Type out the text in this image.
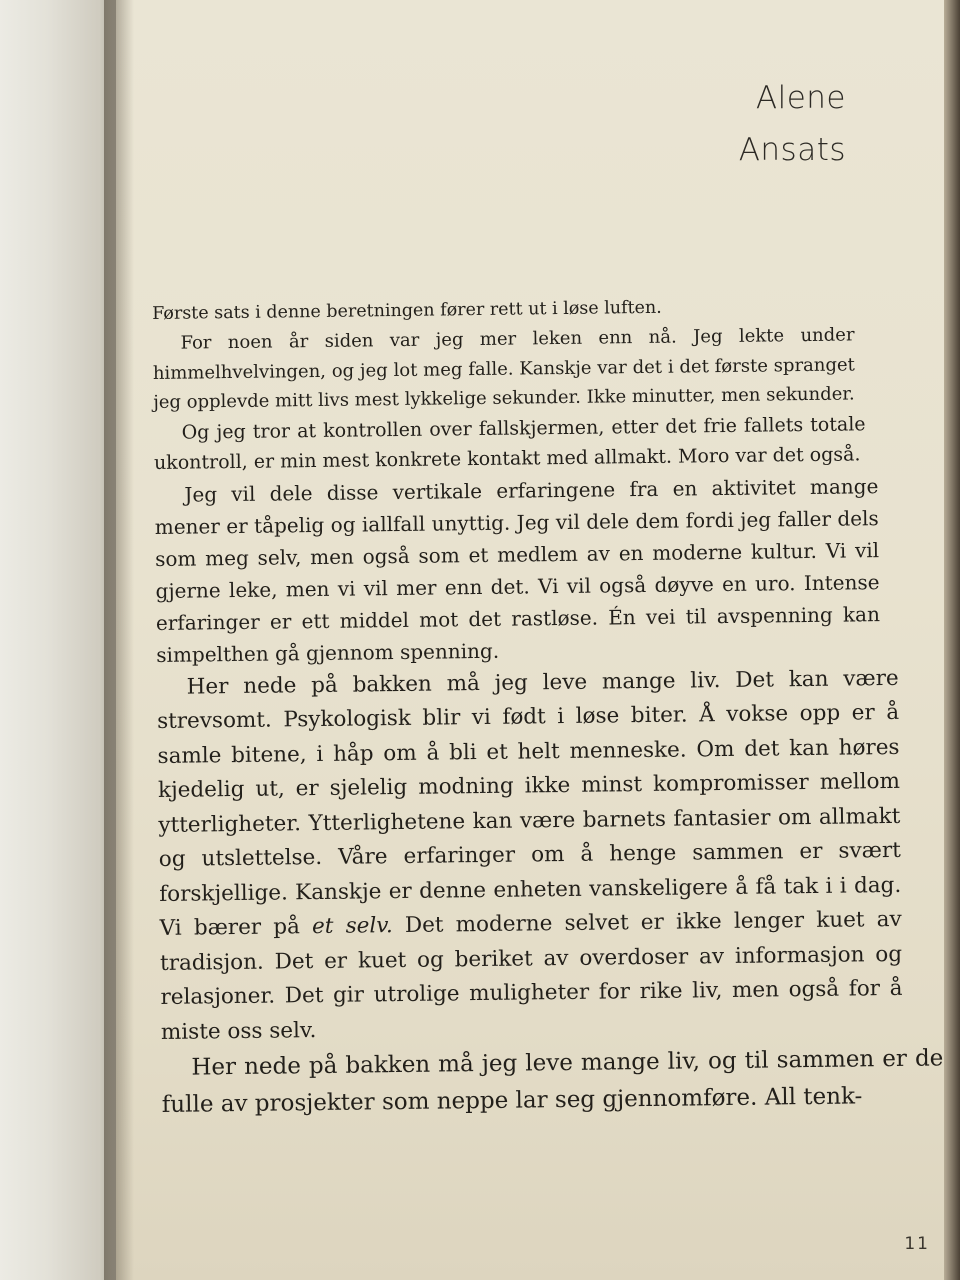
Alene
Ansats

Første sats i denne beretningen fører rett ut i løse luften.

For noen år siden var jeg mer leken enn nå. Jeg lekte under himmelhvelvingen, og jeg lot meg falle. Kanskje var det i det første spranget jeg opplevde mitt livs mest lykkelige sekunder. Ikke minutter, men sekunder.

Og jeg tror at kontrollen over fallskjermen, etter det frie fallets totale ukontroll, er min mest konkrete kontakt med allmakt. Moro var det også.

Jeg vil dele disse vertikale erfaringene fra en aktivitet mange mener er tåpelig og iallfall unyttig. Jeg vil dele dem fordi jeg faller dels som meg selv, men også som et medlem av en moderne kultur. Vi vil gjerne leke, men vi vil mer enn det. Vi vil også døyve en uro. Intense erfaringer er ett middel mot det rastløse. Én vei til avspenning kan simpelthen gå gjennom spenning.

Her nede på bakken må jeg leve mange liv. Det kan være strevsomt. Psykologisk blir vi født i løse biter. Å vokse opp er å samle bitene, i håp om å bli et helt menneske. Om det kan høres kjedelig ut, er sjelelig modning ikke minst kompromisser mellom ytterligheter. Ytterlighetene kan være barnets fantasier om allmakt og utslettelse. Våre erfaringer om å henge sammen er svært forskjellige. Kanskje er denne enheten vanskeligere å få tak i i dag. Vi bærer på et selv. Det moderne selvet er ikke lenger kuet av tradisjon. Det er kuet og beriket av overdoser av informasjon og relasjoner. Det gir utrolige muligheter for rike liv, men også for å miste oss selv.

Her nede på bakken må jeg leve mange liv, og til sammen er de fulle av prosjekter som neppe lar seg gjennomføre. All tenk-

11
